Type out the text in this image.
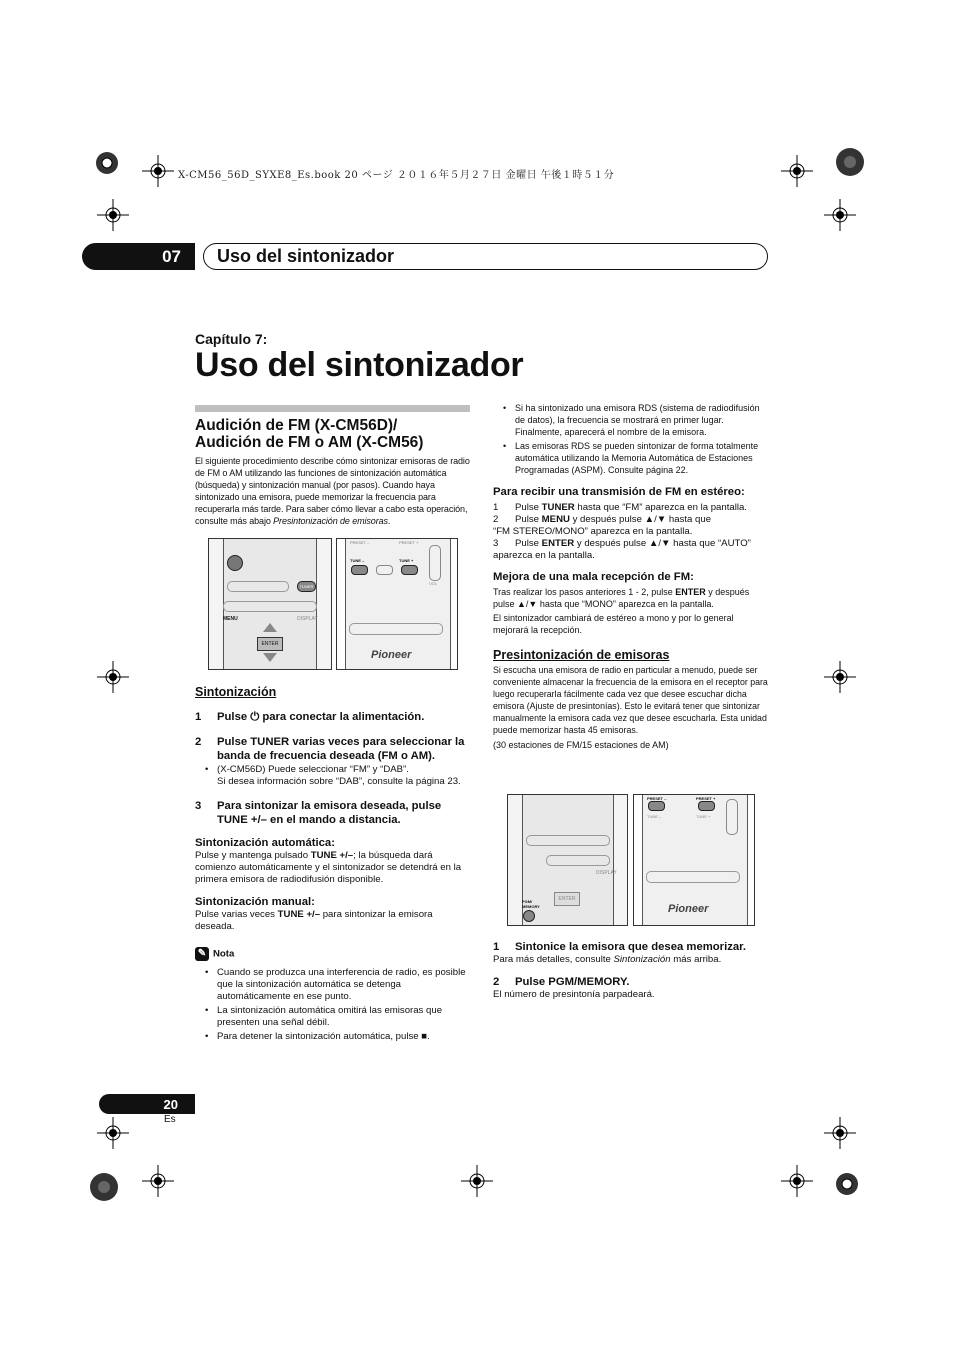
X-CM56_56D_SYXE8_Es.book 20 ページ ２０１６年５月２７日 金曜日 午後１時５１分
07	Uso del sintonizador
Capítulo 7:
Uso del sintonizador
Audición de FM (X-CM56D)/
Audición de FM o AM (X-CM56)

El siguiente procedimiento describe cómo sintonizar emisoras de radio de FM o AM utilizando las funciones de sintonización automática (búsqueda) y sintonización manual (por pasos). Cuando haya sintonizado una emisora, puede memorizar la frecuencia para recuperarla más tarde. Para saber cómo llevar a cabo esta operación, consulte más abajo Presintonización de emisoras.

TUNER
MENU	DISPLAY
ENTER
PRESET –	PRESET +
TUNE –	TUNE +
VOL
Pioneer
Sintonización

1 Pulse ⏻ para conectar la alimentación.

2	Pulse TUNER varias veces para seleccionar la banda de frecuencia deseada (FM o AM).

• (X-CM56D) Puede seleccionar “FM” y “DAB”.
Si desea información sobre “DAB”, consulte la página 23.

3	Para sintonizar la emisora deseada, pulse TUNE +/– en el mando a distancia.

Sintonización automática:

Pulse y mantenga pulsado TUNE +/–; la búsqueda dará comienzo automáticamente y el sintonizador se detendrá en la primera emisora de radiodifusión disponible.

Sintonización manual:

Pulse varias veces TUNE +/– para sintonizar la emisora deseada.

✎ Nota

• Cuando se produzca una interferencia de radio, es posible que la sintonización automática se detenga automáticamente en ese punto.

• La sintonización automática omitirá las emisoras que presenten una señal débil.

• Para detener la sintonización automática, pulse ■.

• Si ha sintonizado una emisora RDS (sistema de radiodifusión de datos), la frecuencia se mostrará en primer lugar. Finalmente, aparecerá el nombre de la emisora.

• Las emisoras RDS se pueden sintonizar de forma totalmente automática utilizando la Memoria Automática de Estaciones Programadas (ASPM). Consulte página 22.

Para recibir una transmisión de FM en estéreo:

1 Pulse TUNER hasta que “FM” aparezca en la pantalla.

2 Pulse MENU y después pulse ▲/▼ hasta que
“FM STEREO/MONO” aparezca en la pantalla.

3 Pulse ENTER y después pulse ▲/▼ hasta que “AUTO”
aparezca en la pantalla.

Mejora de una mala recepción de FM:

Tras realizar los pasos anteriores 1 - 2, pulse ENTER y después pulse ▲/▼ hasta que “MONO” aparezca en la pantalla.

El sintonizador cambiará de estéreo a mono y por lo general mejorará la recepción.

Presintonización de emisoras

Si escucha una emisora de radio en particular a menudo, puede ser conveniente almacenar la frecuencia de la emisora en el receptor para luego recuperarla fácilmente cada vez que desee escuchar dicha emisora (Ajuste de presintonías). Esto le evitará tener que sintonizar manualmente la emisora cada vez que desee escucharla. Esta unidad puede memorizar hasta 45 emisoras.

(30 estaciones de FM/15 estaciones de AM)

DISPLAY
ENTER
PGM/
MEMORY
PRESET –	PRESET +
TUNE –	TUNE +
Pioneer

1 Sintonice la emisora que desea memorizar.

Para más detalles, consulte Sintonización más arriba.

2 Pulse PGM/MEMORY.

El número de presintonía parpadeará.

20
Es
